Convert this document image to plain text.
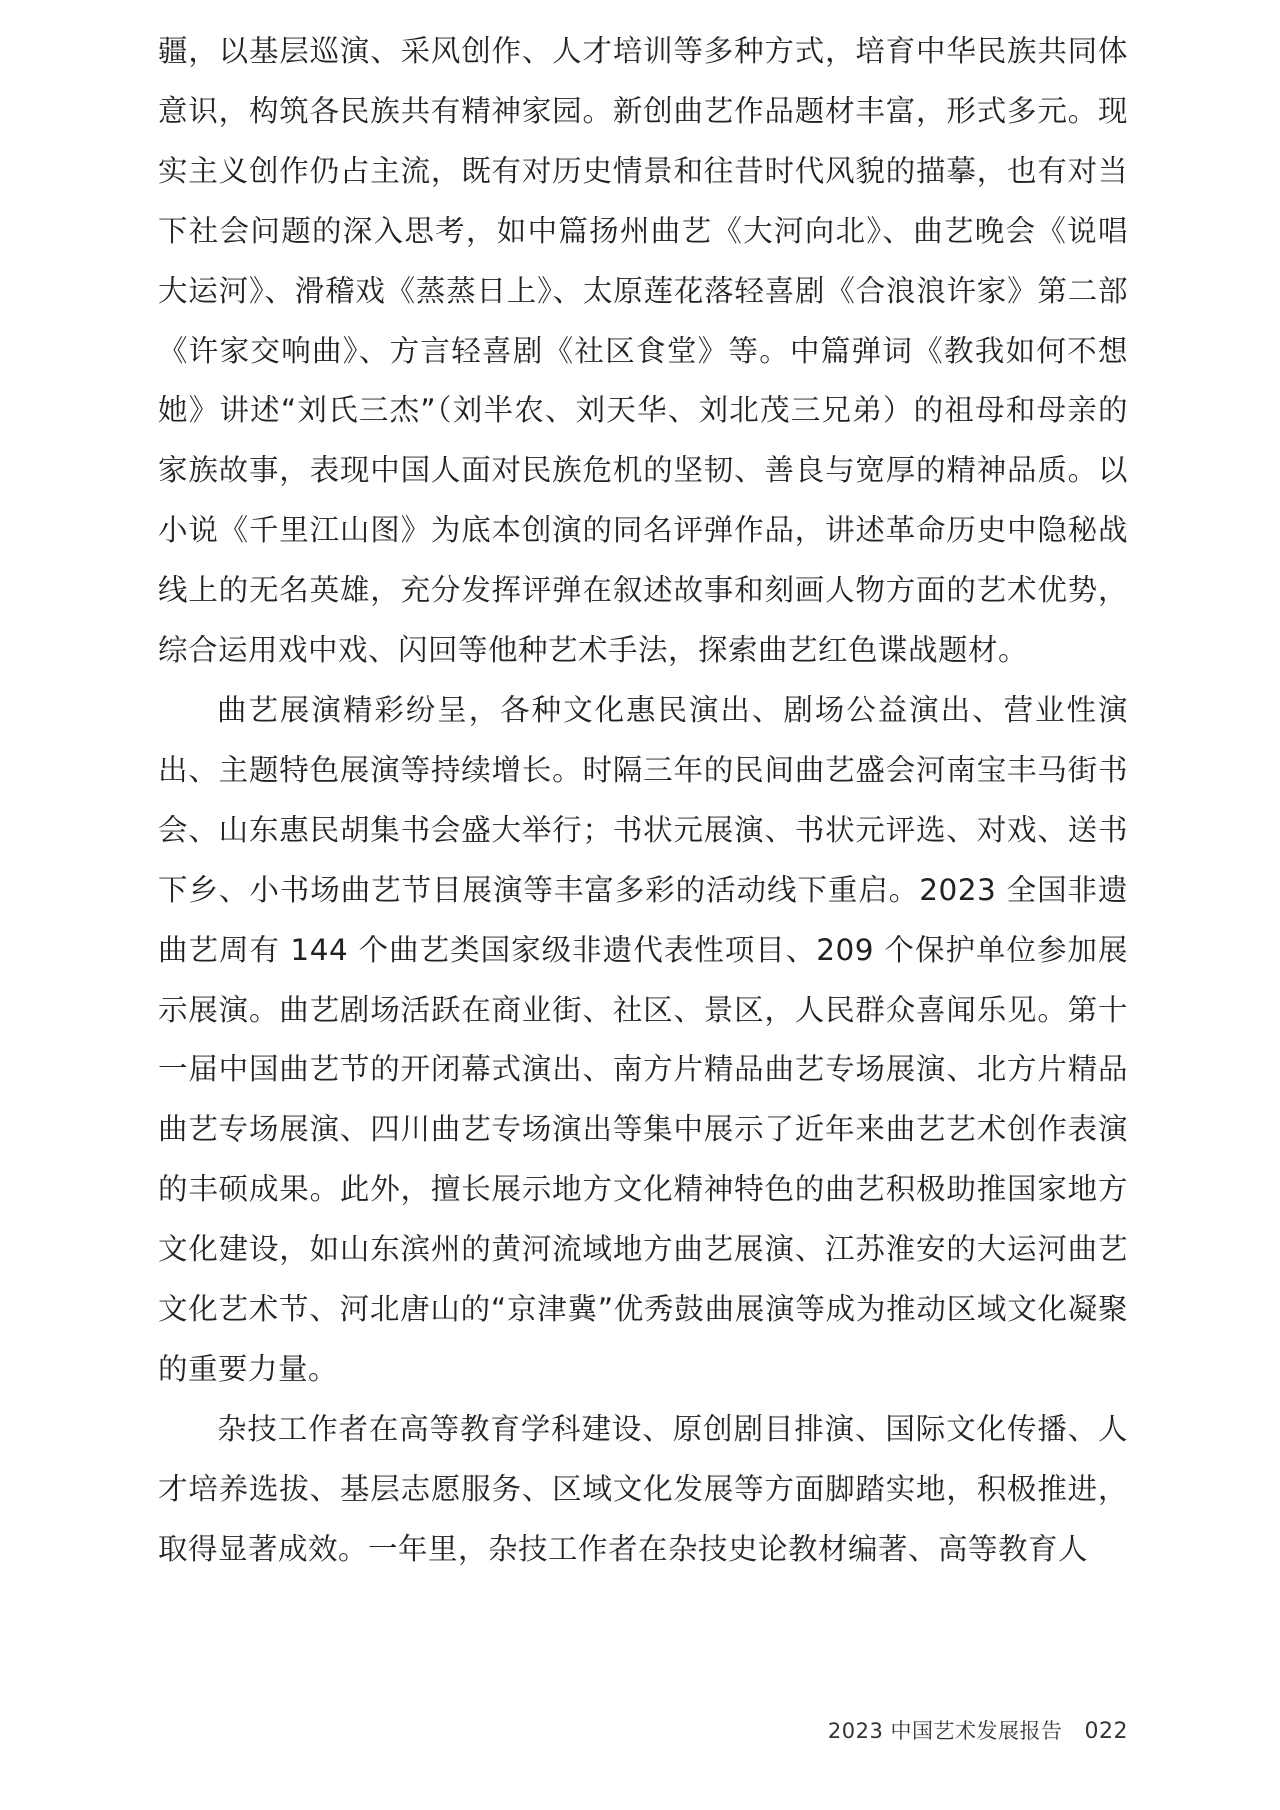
疆，以基层巡演、采风创作、人才培训等多种方式，培育中华民族共同体意识，构筑各民族共有精神家园。新创曲艺作品题材丰富，形式多元。现实主义创作仍占主流，既有对历史情景和往昔时代风貌的描摹，也有对当下社会问题的深入思考，如中篇扬州曲艺《大河向北》、曲艺晚会《说唱大运河》、滑稽戏《蒸蒸日上》、太原莲花落轻喜剧《合浪浪许家》第二部《许家交响曲》、方言轻喜剧《社区食堂》等。中篇弹词《教我如何不想她》讲述“刘氏三杰”（刘半农、刘天华、刘北茂三兄弟）的祖母和母亲的家族故事，表现中国人面对民族危机的坚韧、善良与宽厚的精神品质。以小说《千里江山图》为底本创演的同名评弹作品，讲述革命历史中隐秘战线上的无名英雄，充分发挥评弹在叙述故事和刻画人物方面的艺术优势，综合运用戏中戏、闪回等他种艺术手法，探索曲艺红色谍战题材。

曲艺展演精彩纷呈，各种文化惠民演出、剧场公益演出、营业性演出、主题特色展演等持续增长。时隔三年的民间曲艺盛会河南宝丰马街书会、山东惠民胡集书会盛大举行；书状元展演、书状元评选、对戏、送书下乡、小书场曲艺节目展演等丰富多彩的活动线下重启。2023 全国非遗曲艺周有 144 个曲艺类国家级非遗代表性项目、209 个保护单位参加展示展演。曲艺剧场活跃在商业街、社区、景区，人民群众喜闻乐见。第十一届中国曲艺节的开闭幕式演出、南方片精品曲艺专场展演、北方片精品曲艺专场展演、四川曲艺专场演出等集中展示了近年来曲艺艺术创作表演的丰硕成果。此外，擅长展示地方文化精神特色的曲艺积极助推国家地方文化建设，如山东滨州的黄河流域地方曲艺展演、江苏淮安的大运河曲艺文化艺术节、河北唐山的“京津冀”优秀鼓曲展演等成为推动区域文化凝聚的重要力量。

杂技工作者在高等教育学科建设、原创剧目排演、国际文化传播、人才培养选拔、基层志愿服务、区域文化发展等方面脚踏实地，积极推进，取得显著成效。一年里，杂技工作者在杂技史论教材编著、高等教育人

2023 中国艺术发展报告 022
